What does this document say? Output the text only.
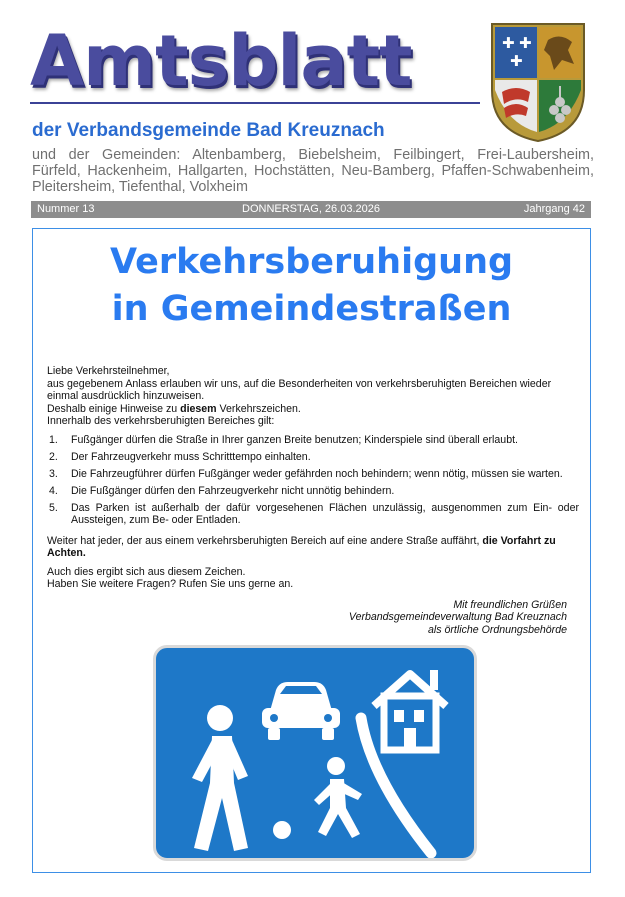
Amtsblatt	✚ ✚
✚
der Verbandsgemeinde Bad Kreuznach
und der Gemeinden: Altenbamberg, Biebelsheim, Feilbingert, Frei-Laubersheim, Fürfeld, Hackenheim, Hallgarten, Hochstätten, Neu-Bamberg, Pfaffen-Schwabenheim, Pleitersheim, Tiefenthal, Volxheim
Nummer 13	DONNERSTAG, 26.03.2026	Jahrgang 42
Verkehrsberuhigung
in Gemeindestraßen

Liebe Verkehrsteilnehmer,

aus gegebenem Anlass erlauben wir uns, auf die Besonderheiten von verkehrsberuhigten Bereichen wieder einmal ausdrücklich hinzuweisen.

Deshalb einige Hinweise zu diesem Verkehrszeichen.

Innerhalb des verkehrsberuhigten Bereiches gilt:

1. Fußgänger dürfen die Straße in Ihrer ganzen Breite benutzen; Kinderspiele sind überall erlaubt.
2. Der Fahrzeugverkehr muss Schritttempo einhalten.
3. Die Fahrzeugführer dürfen Fußgänger weder gefährden noch behindern; wenn nötig, müssen sie warten.
4. Die Fußgänger dürfen den Fahrzeugverkehr nicht unnötig behindern.
5. Das Parken ist außerhalb der dafür vorgesehenen Flächen unzulässig, ausgenommen zum Ein- oder Aussteigen, zum Be- oder Entladen.

Weiter hat jeder, der aus einem verkehrsberuhigten Bereich auf eine andere Straße auffährt, die Vorfahrt zu Achten.

Auch dies ergibt sich aus diesem Zeichen.

Haben Sie weitere Fragen? Rufen Sie uns gerne an.

Mit freundlichen Grüßen
Verbandsgemeindeverwaltung Bad Kreuznach
als örtliche Ordnungsbehörde
